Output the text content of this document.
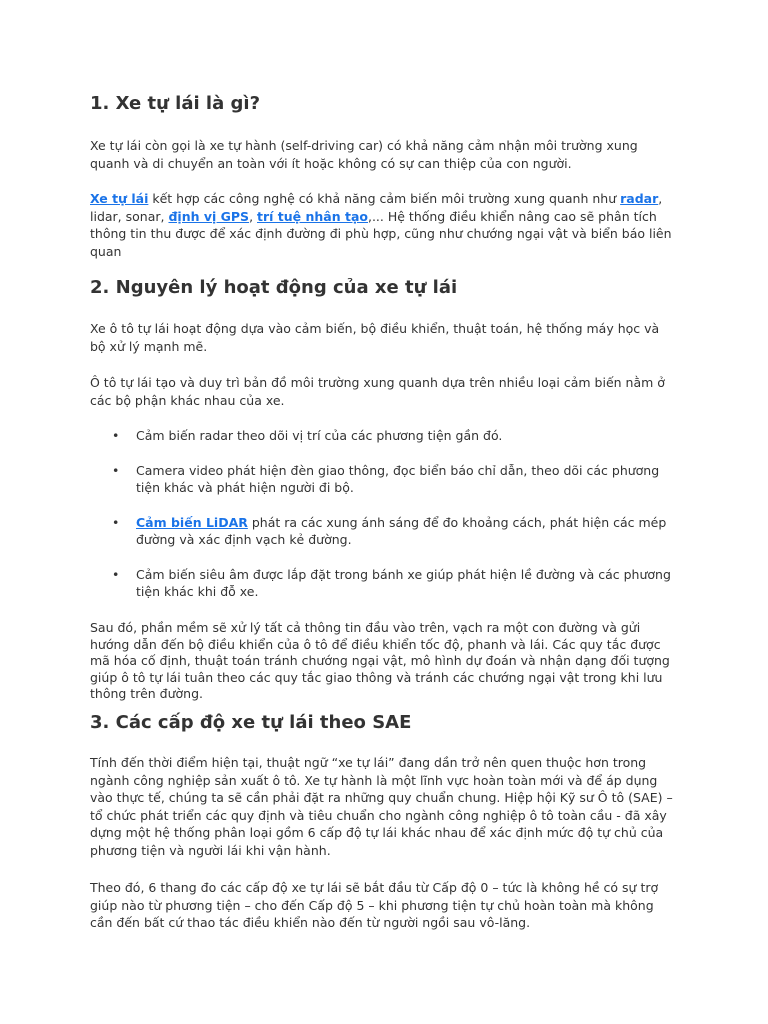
1. Xe tự lái là gì?

Xe tự lái còn gọi là xe tự hành (self-driving car) có khả năng cảm nhận môi trường xung quanh và di chuyển an toàn với ít hoặc không có sự can thiệp của con người.

Xe tự lái kết hợp các công nghệ có khả năng cảm biến môi trường xung quanh như radar, lidar, sonar, định vị GPS, trí tuệ nhân tạo,... Hệ thống điều khiển nâng cao sẽ phân tích thông tin thu được để xác định đường đi phù hợp, cũng như chướng ngại vật và biển báo liên quan

2. Nguyên lý hoạt động của xe tự lái

Xe ô tô tự lái hoạt động dựa vào cảm biến, bộ điều khiển, thuật toán, hệ thống máy học và bộ xử lý mạnh mẽ.

Ô tô tự lái tạo và duy trì bản đồ môi trường xung quanh dựa trên nhiều loại cảm biến nằm ở các bộ phận khác nhau của xe.

• Cảm biến radar theo dõi vị trí của các phương tiện gần đó.
• Camera video phát hiện đèn giao thông, đọc biển báo chỉ dẫn, theo dõi các phương tiện khác và phát hiện người đi bộ.
• Cảm biến LiDAR phát ra các xung ánh sáng để đo khoảng cách, phát hiện các mép đường và xác định vạch kẻ đường.
• Cảm biến siêu âm được lắp đặt trong bánh xe giúp phát hiện lề đường và các phương tiện khác khi đỗ xe.

Sau đó, phần mềm sẽ xử lý tất cả thông tin đầu vào trên, vạch ra một con đường và gửi hướng dẫn đến bộ điều khiển của ô tô để điều khiển tốc độ, phanh và lái. Các quy tắc được mã hóa cố định, thuật toán tránh chướng ngại vật, mô hình dự đoán và nhận dạng đối tượng giúp ô tô tự lái tuân theo các quy tắc giao thông và tránh các chướng ngại vật trong khi lưu thông trên đường.

3. Các cấp độ xe tự lái theo SAE

Tính đến thời điểm hiện tại, thuật ngữ “xe tự lái” đang dần trở nên quen thuộc hơn trong ngành công nghiệp sản xuất ô tô. Xe tự hành là một lĩnh vực hoàn toàn mới và để áp dụng vào thực tế, chúng ta sẽ cần phải đặt ra những quy chuẩn chung. Hiệp hội Kỹ sư Ô tô (SAE) – tổ chức phát triển các quy định và tiêu chuẩn cho ngành công nghiệp ô tô toàn cầu - đã xây dựng một hệ thống phân loại gồm 6 cấp độ tự lái khác nhau để xác định mức độ tự chủ của phương tiện và người lái khi vận hành.

Theo đó, 6 thang đo các cấp độ xe tự lái sẽ bắt đầu từ Cấp độ 0 – tức là không hề có sự trợ giúp nào từ phương tiện – cho đến Cấp độ 5 – khi phương tiện tự chủ hoàn toàn mà không cần đến bất cứ thao tác điều khiển nào đến từ người ngồi sau vô-lăng.
